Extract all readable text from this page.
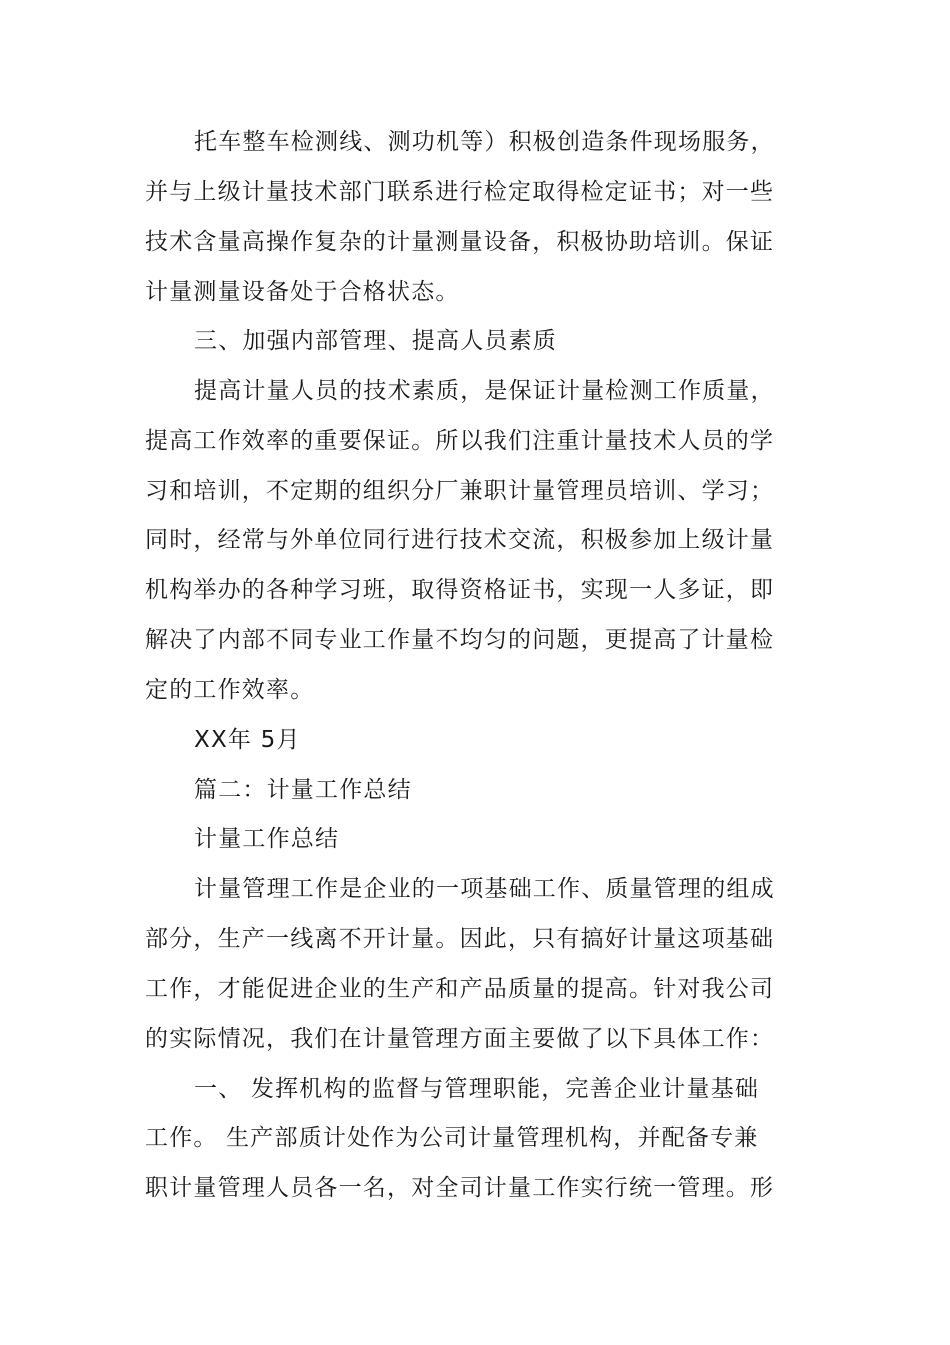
托车整车检测线、测功机等）积极创造条件现场服务，
并与上级计量技术部门联系进行检定取得检定证书；对一些
技术含量高操作复杂的计量测量设备，积极协助培训。保证
计量测量设备处于合格状态。
三、加强内部管理、提高人员素质
提高计量人员的技术素质，是保证计量检测工作质量，
提高工作效率的重要保证。所以我们注重计量技术人员的学
习和培训，不定期的组织分厂兼职计量管理员培训、学习；
同时，经常与外单位同行进行技术交流，积极参加上级计量
机构举办的各种学习班，取得资格证书，实现一人多证，即
解决了内部不同专业工作量不均匀的问题，更提高了计量检
定的工作效率。
XX年 5月
篇二：计量工作总结
计量工作总结
计量管理工作是企业的一项基础工作、质量管理的组成
部分，生产一线离不开计量。因此，只有搞好计量这项基础
工作，才能促进企业的生产和产品质量的提高。针对我公司
的实际情况，我们在计量管理方面主要做了以下具体工作：
一、 发挥机构的监督与管理职能，完善企业计量基础
工作。 生产部质计处作为公司计量管理机构，并配备专兼
职计量管理人员各一名，对全司计量工作实行统一管理。形
